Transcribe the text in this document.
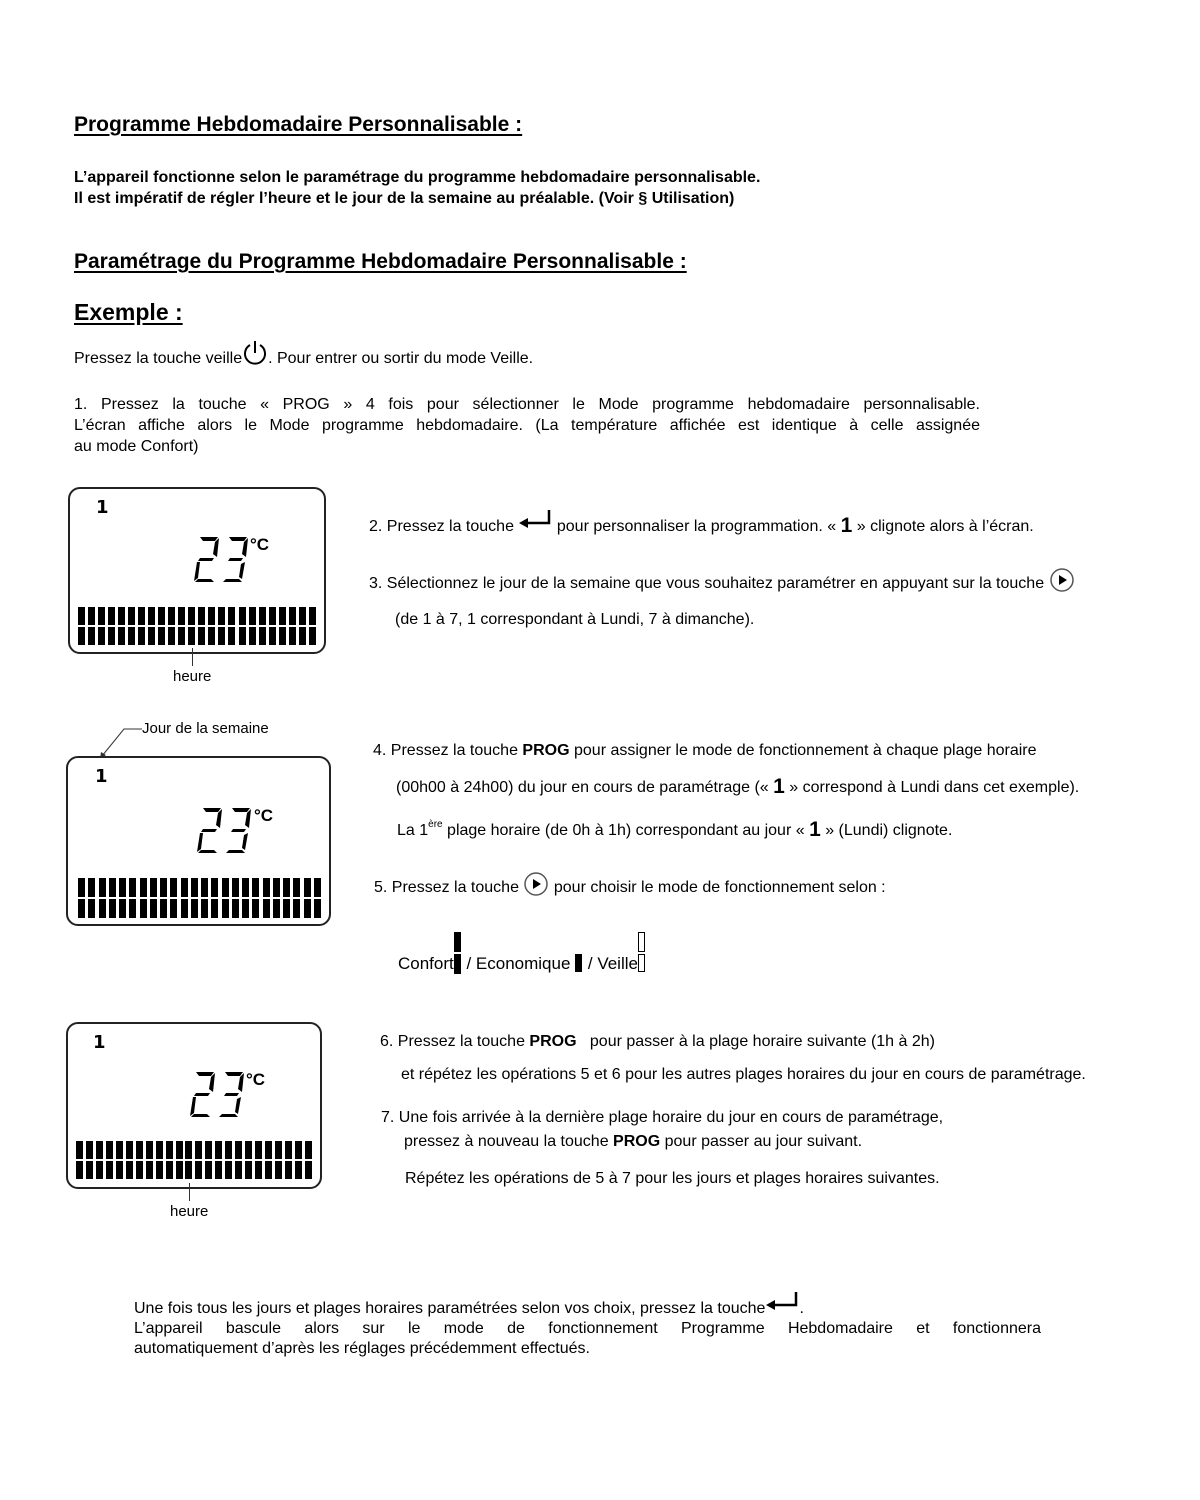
Programme Hebdomadaire Personnalisable :
L’appareil fonctionne selon le paramétrage du programme hebdomadaire personnalisable.
Il est impératif de régler l’heure et le jour de la semaine au préalable. (Voir § Utilisation)
Paramétrage du Programme Hebdomadaire Personnalisable :
Exemple :
Pressez la touche veille . Pour entrer ou sortir du mode Veille.
1. Pressez la touche « PROG » 4 fois pour sélectionner le Mode programme hebdomadaire personnalisable.
L’écran affiche alors le Mode programme hebdomadaire. (La température affichée est identique à celle assignée
au mode Confort)
1
°C
heure
2. Pressez la touche	pour personnaliser la programmation. « 1 » clignote alors à l’écran.
3. Sélectionnez le jour de la semaine que vous souhaitez paramétrer en appuyant sur la touche
(de 1 à 7, 1 correspondant à Lundi, 7 à dimanche).
Jour de la semaine
1
°C
4. Pressez la touche PROG pour assigner le mode de fonctionnement à chaque plage horaire
(00h00 à 24h00) du jour en cours de paramétrage (« 1 » correspond à Lundi dans cet exemple).
La 1ère plage horaire (de 0h à 1h) correspondant au jour « 1 » (Lundi) clignote.
5. Pressez la touche pour choisir le mode de fonctionnement selon :
Confort
/ Economique
/ Veille
1
°C
heure
6. Pressez la touche PROG pour passer à la plage horaire suivante (1h à 2h)
et répétez les opérations 5 et 6 pour les autres plages horaires du jour en cours de paramétrage.
7. Une fois arrivée à la dernière plage horaire du jour en cours de paramétrage,
pressez à nouveau la touche PROG pour passer au jour suivant.
Répétez les opérations de 5 à 7 pour les jours et plages horaires suivantes.
Une fois tous les jours et plages horaires paramétrées selon vos choix, pressez la touche .
L’appareil bascule alors sur le mode de fonctionnement Programme Hebdomadaire et fonctionnera
automatiquement d’après les réglages précédemment effectués.
